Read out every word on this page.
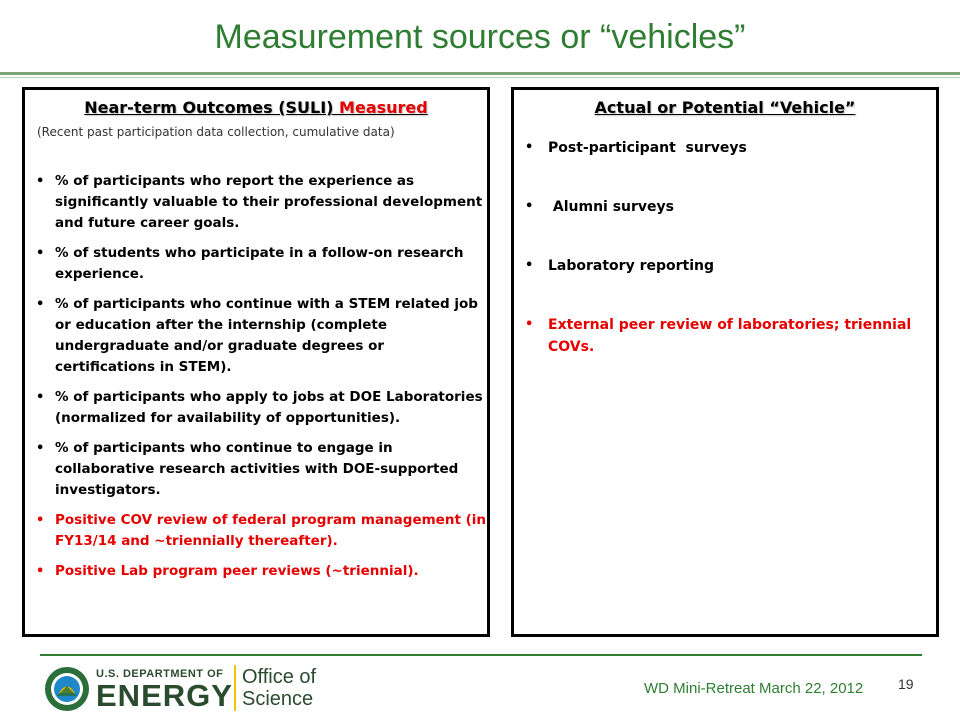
Measurement sources or “vehicles”
Near-term Outcomes (SULI) Measured
(Recent past participation data collection, cumulative data)
• % of participants who report the experience as significantly valuable to their professional development and future career goals.
• % of students who participate in a follow-on research experience.
• % of participants who continue with a STEM related job or education after the internship (complete undergraduate and/or graduate degrees or certifications in STEM).
• % of participants who apply to jobs at DOE Laboratories (normalized for availability of opportunities).
• % of participants who continue to engage in collaborative research activities with DOE-supported investigators.
• Positive COV review of federal program management (in FY13/14 and ~triennially thereafter).
• Positive Lab program peer reviews (~triennial).
Actual or Potential “Vehicle”
• Post-participant  surveys
•  Alumni surveys
• Laboratory reporting
• External peer review of laboratories; triennial COVs.
U.S. DEPARTMENT OF
ENERGY
Office of
Science	WD Mini-Retreat March 22, 2012 19
